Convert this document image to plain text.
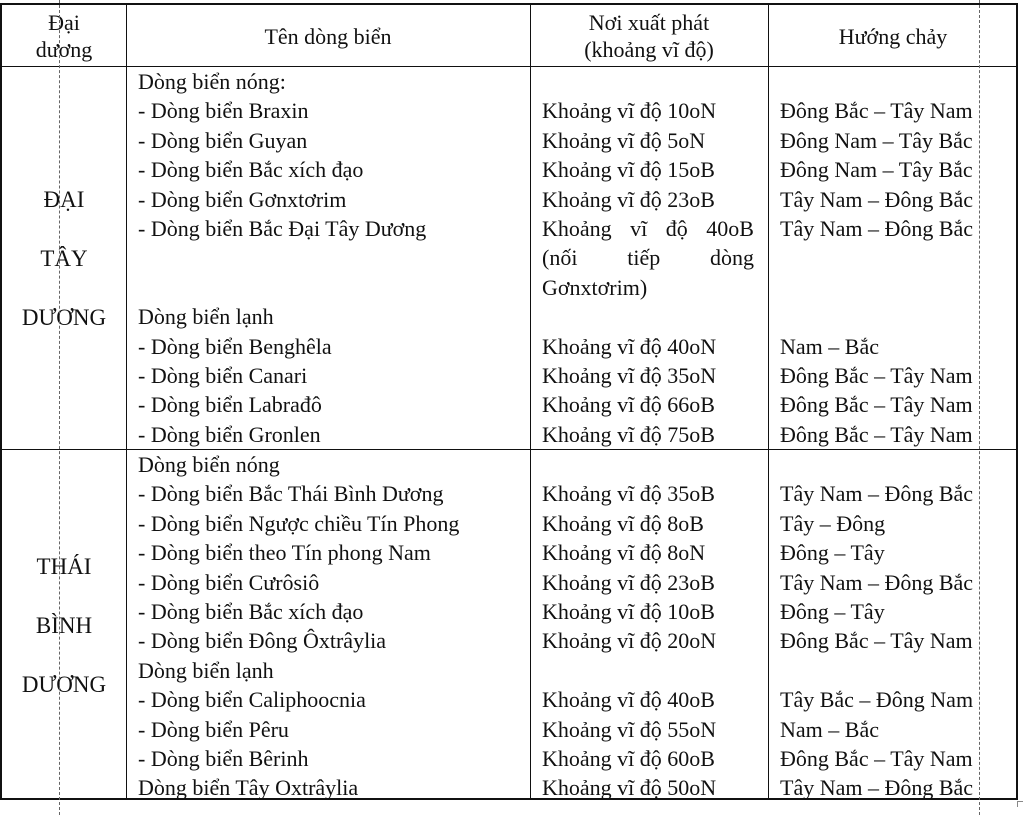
Đại
dương
Tên dòng biển
Nơi xuất phát
(khoảng vĩ độ)
Hướng chảy
ĐẠI
TÂY
DƯƠNG
Dòng biển nóng:
- Dòng biển Braxin
- Dòng biển Guyan
- Dòng biển Bắc xích đạo
- Dòng biển Gơnxtơrim
- Dòng biển Bắc Đại Tây Dương
Dòng biển lạnh
- Dòng biển Benghêla
- Dòng biển Canari
- Dòng biển Labrađô
- Dòng biển Gronlen
Khoảng vĩ độ 10oN
Khoảng vĩ độ 5oN
Khoảng vĩ độ 15oB
Khoảng vĩ độ 23oB
Khoảng vĩ độ 40oB
(nối tiếp dòng
Gơnxtơrim)
Khoảng vĩ độ 40oN
Khoảng vĩ độ 35oN
Khoảng vĩ độ 66oB
Khoảng vĩ độ 75oB
Đông Bắc – Tây Nam
Đông Nam – Tây Bắc
Đông Nam – Tây Bắc
Tây Nam – Đông Bắc
Tây Nam – Đông Bắc
Nam – Bắc
Đông Bắc – Tây Nam
Đông Bắc – Tây Nam
Đông Bắc – Tây Nam
THÁI
BÌNH
DƯƠNG
Dòng biển nóng
- Dòng biển Bắc Thái Bình Dương
- Dòng biển Ngược chiều Tín Phong
- Dòng biển theo Tín phong Nam
- Dòng biển Cưrôsiô
- Dòng biển Bắc xích đạo
- Dòng biển Đông Ôxtrâylia
Dòng biển lạnh
- Dòng biển Caliphoocnia
- Dòng biển Pêru
- Dòng biển Bêrinh
Dòng biển Tây Oxtrâylia
Khoảng vĩ độ 35oB
Khoảng vĩ độ 8oB
Khoảng vĩ độ 8oN
Khoảng vĩ độ 23oB
Khoảng vĩ độ 10oB
Khoảng vĩ độ 20oN
Khoảng vĩ độ 40oB
Khoảng vĩ độ 55oN
Khoảng vĩ độ 60oB
Khoảng vĩ độ 50oN
Tây Nam – Đông Bắc
Tây – Đông
Đông – Tây
Tây Nam – Đông Bắc
Đông – Tây
Đông Bắc – Tây Nam
Tây Bắc – Đông Nam
Nam – Bắc
Đông Bắc – Tây Nam
Tây Nam – Đông Bắc
